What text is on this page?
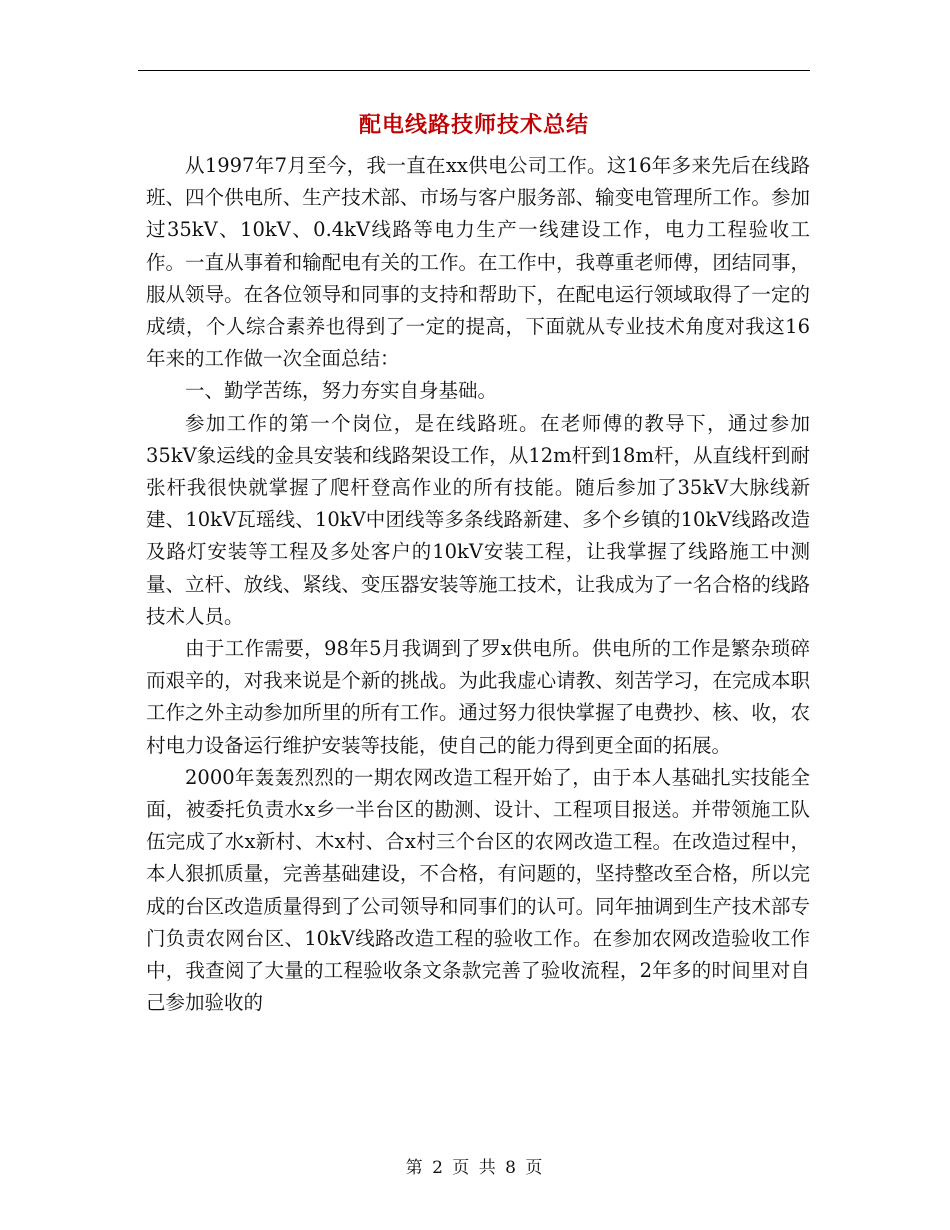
配电线路技师技术总结

从1997年7月至今，我一直在xx供电公司工作。这16年多来先后在线路班、四个供电所、生产技术部、市场与客户服务部、输变电管理所工作。参加过35kV、10kV、0.4kV线路等电力生产一线建设工作，电力工程验收工作。一直从事着和输配电有关的工作。在工作中，我尊重老师傅，团结同事，服从领导。在各位领导和同事的支持和帮助下，在配电运行领域取得了一定的成绩，个人综合素养也得到了一定的提高，下面就从专业技术角度对我这16年来的工作做一次全面总结：

一、勤学苦练，努力夯实自身基础。

参加工作的第一个岗位，是在线路班。在老师傅的教导下，通过参加35kV象运线的金具安装和线路架设工作，从12m杆到18m杆，从直线杆到耐张杆我很快就掌握了爬杆登高作业的所有技能。随后参加了35kV大脉线新建、10kV瓦瑶线、10kV中团线等多条线路新建、多个乡镇的10kV线路改造及路灯安装等工程及多处客户的10kV安装工程，让我掌握了线路施工中测量、立杆、放线、紧线、变压器安装等施工技术，让我成为了一名合格的线路技术人员。

由于工作需要，98年5月我调到了罗x供电所。供电所的工作是繁杂琐碎而艰辛的，对我来说是个新的挑战。为此我虚心请教、刻苦学习，在完成本职工作之外主动参加所里的所有工作。通过努力很快掌握了电费抄、核、收，农村电力设备运行维护安装等技能，使自己的能力得到更全面的拓展。

2000年轰轰烈烈的一期农网改造工程开始了，由于本人基础扎实技能全面，被委托负责水x乡一半台区的勘测、设计、工程项目报送。并带领施工队伍完成了水x新村、木x村、合x村三个台区的农网改造工程。在改造过程中，本人狠抓质量，完善基础建设，不合格，有问题的，坚持整改至合格，所以完成的台区改造质量得到了公司领导和同事们的认可。同年抽调到生产技术部专门负责农网台区、10kV线路改造工程的验收工作。在参加农网改造验收工作中，我查阅了大量的工程验收条文条款完善了验收流程，2年多的时间里对自己参加验收的

第 2 页 共 8 页
